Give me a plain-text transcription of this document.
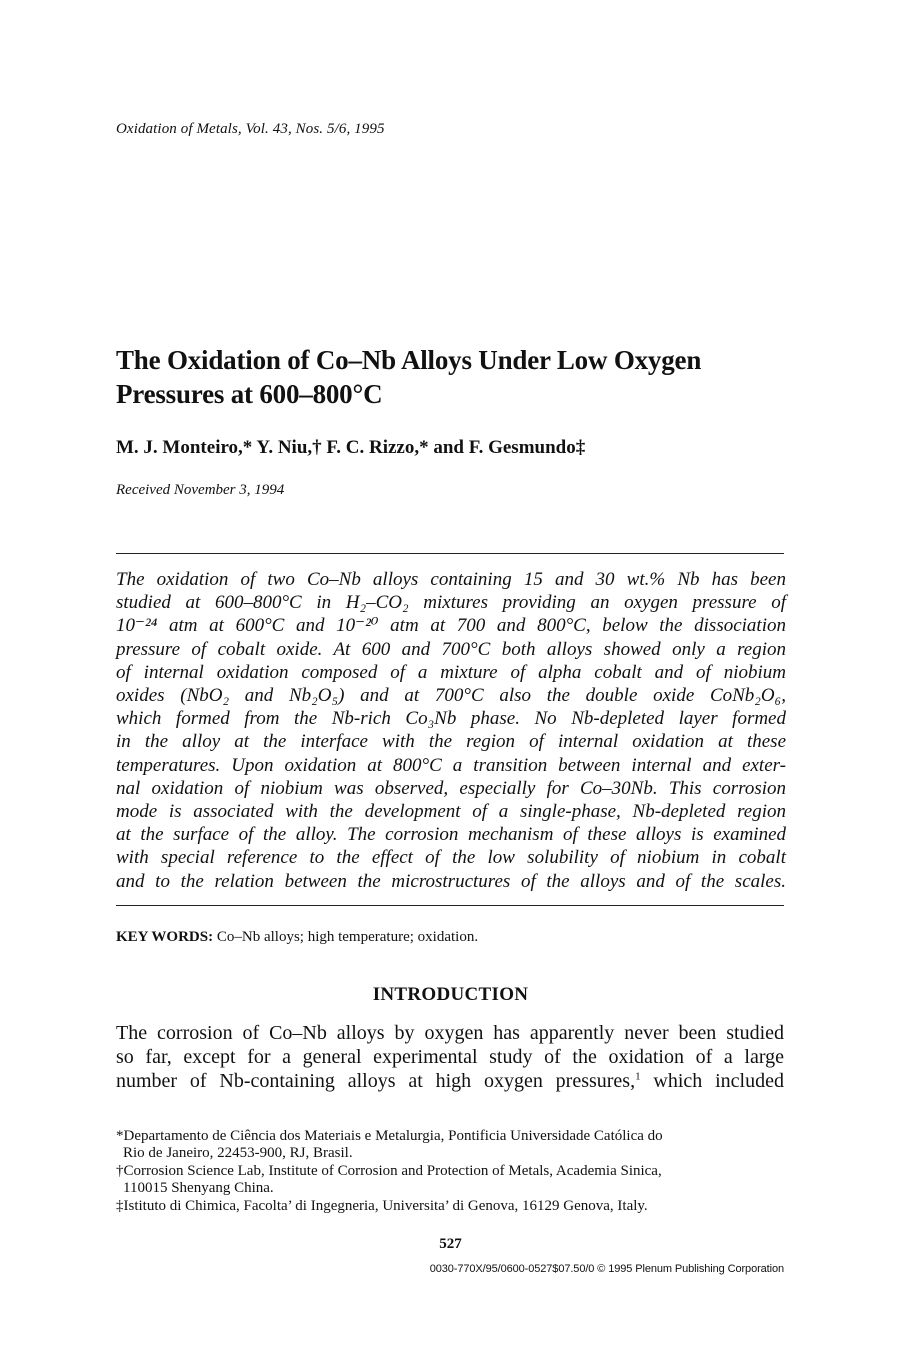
Oxidation of Metals, Vol. 43, Nos. 5/6, 1995
The Oxidation of Co–Nb Alloys Under Low Oxygen
Pressures at 600–800°C
M. J. Monteiro,* Y. Niu,† F. C. Rizzo,* and F. Gesmundo‡
Received November 3, 1994
The oxidation of two Co–Nb alloys containing 15 and 30 wt.% Nb has been
studied at 600–800°C in H₂–CO₂ mixtures providing an oxygen pressure of
10⁻²⁴ atm at 600°C and 10⁻²⁰ atm at 700 and 800°C, below the dissociation
pressure of cobalt oxide. At 600 and 700°C both alloys showed only a region
of internal oxidation composed of a mixture of alpha cobalt and of niobium
oxides (NbO₂ and Nb₂O₅) and at 700°C also the double oxide CoNb₂O₆,
which formed from the Nb-rich Co₃Nb phase. No Nb-depleted layer formed
in the alloy at the interface with the region of internal oxidation at these
temperatures. Upon oxidation at 800°C a transition between internal and exter-
nal oxidation of niobium was observed, especially for Co–30Nb. This corrosion
mode is associated with the development of a single-phase, Nb-depleted region
at the surface of the alloy. The corrosion mechanism of these alloys is examined
with special reference to the effect of the low solubility of niobium in cobalt
and to the relation between the microstructures of the alloys and of the scales.
KEY WORDS: Co–Nb alloys; high temperature; oxidation.
INTRODUCTION
The corrosion of Co–Nb alloys by oxygen has apparently never been studied
so far, except for a general experimental study of the oxidation of a large
number of Nb-containing alloys at high oxygen pressures,$^1$ which included
*Departamento de Ciência dos Materiais e Metalurgia, Pontificia Universidade Católica do
Rio de Janeiro, 22453-900, RJ, Brasil.
†Corrosion Science Lab, Institute of Corrosion and Protection of Metals, Academia Sinica,
110015 Shenyang China.
‡Istituto di Chimica, Facolta’ di Ingegneria, Universita’ di Genova, 16129 Genova, Italy.
527
0030-770X/95/0600-0527$07.50/0 © 1995 Plenum Publishing Corporation
